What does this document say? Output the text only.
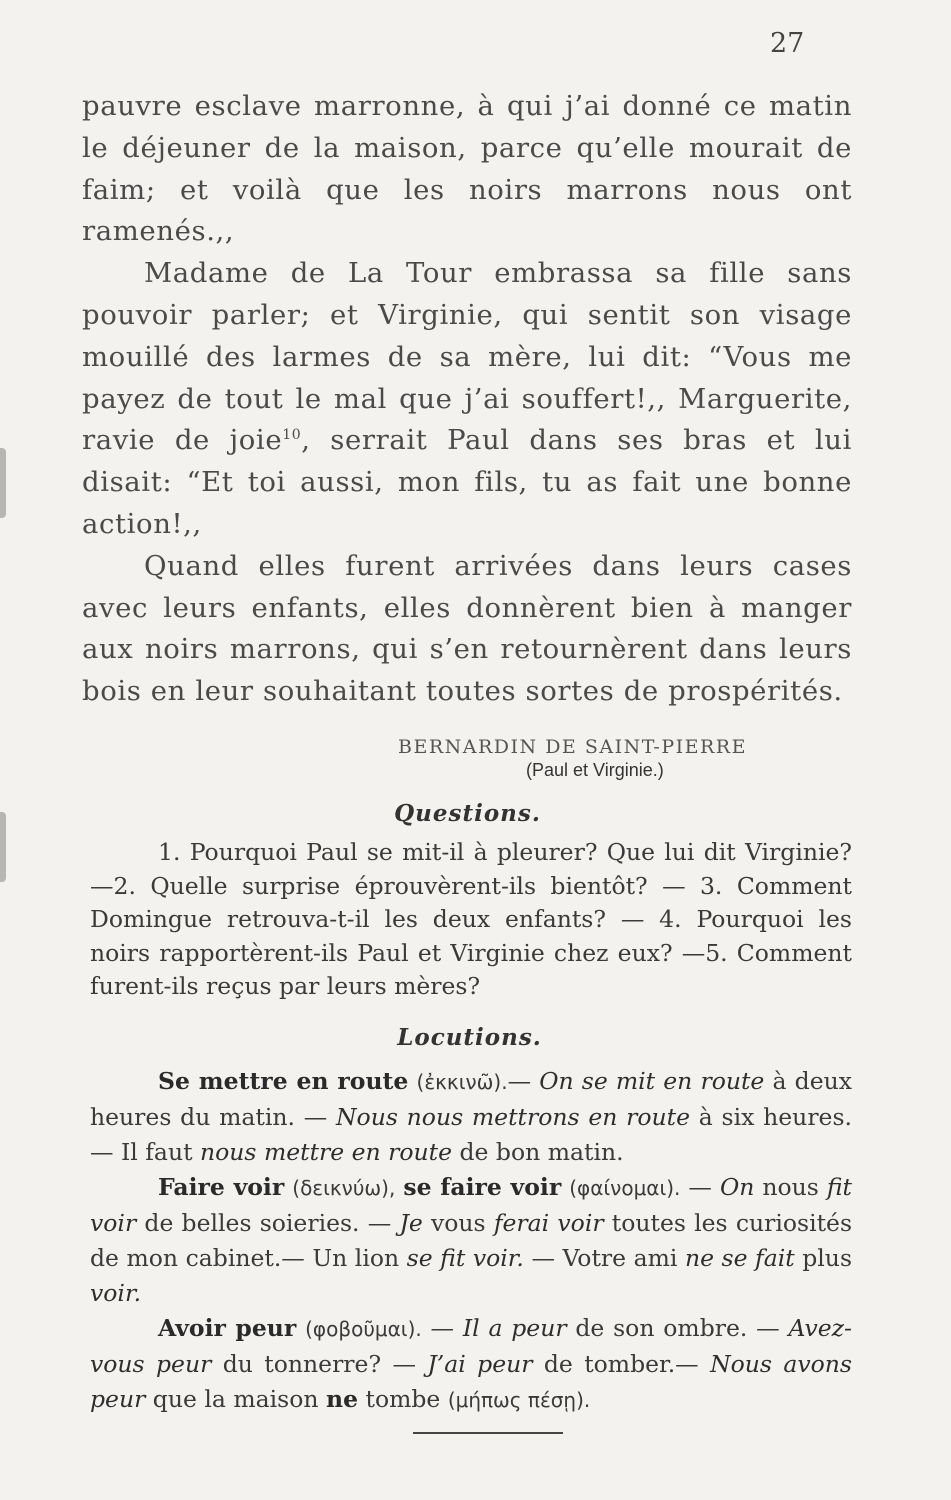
27

pauvre esclave marronne, à qui j’ai donné ce matin le déjeuner de la maison, parce qu’elle mourait de faim; et voilà que les noirs marrons nous ont ramenés.,,

Madame de La Tour embrassa sa fille sans pouvoir parler; et Virginie, qui sentit son visage mouillé des larmes de sa mère, lui dit: “Vous me payez de tout le mal que j’ai souffert!,, Marguerite, ravie de joie$^{10}$, serrait Paul dans ses bras et lui disait: “Et toi aussi, mon fils, tu as fait une bonne action!,,

Quand elles furent arrivées dans leurs cases avec leurs enfants, elles donnèrent bien à manger aux noirs marrons, qui s’en retournèrent dans leurs bois en leur souhaitant toutes sortes de prospérités.

BERNARDIN DE SAINT-PIERRE
(Paul et Virginie.)
Questions.

1. Pourquoi Paul se mit-il à pleurer? Que lui dit Virginie? —2. Quelle surprise éprouvèrent-ils bientôt? — 3. Comment Domingue retrouva-t-il les deux enfants? — 4. Pourquoi les noirs rapportèrent-ils Paul et Virginie chez eux? —5. Comment furent-ils reçus par leurs mères?

Locutions.

Se mettre en route (ἐκκινῶ).— On se mit en route à deux heures du matin. — Nous nous mettrons en route à six heures. — Il faut nous mettre en route de bon matin.

Faire voir (δεικνύω), se faire voir (φαίνομαι). — On nous fit voir de belles soieries. — Je vous ferai voir toutes les curiosités de mon cabinet.— Un lion se fit voir. — Votre ami ne se fait plus voir.

Avoir peur (φοβοῦμαι). — Il a peur de son ombre. — Avez-vous peur du tonnerre? — J’ai peur de tomber.— Nous avons peur que la maison ne tombe (μήπως πέσῃ).
